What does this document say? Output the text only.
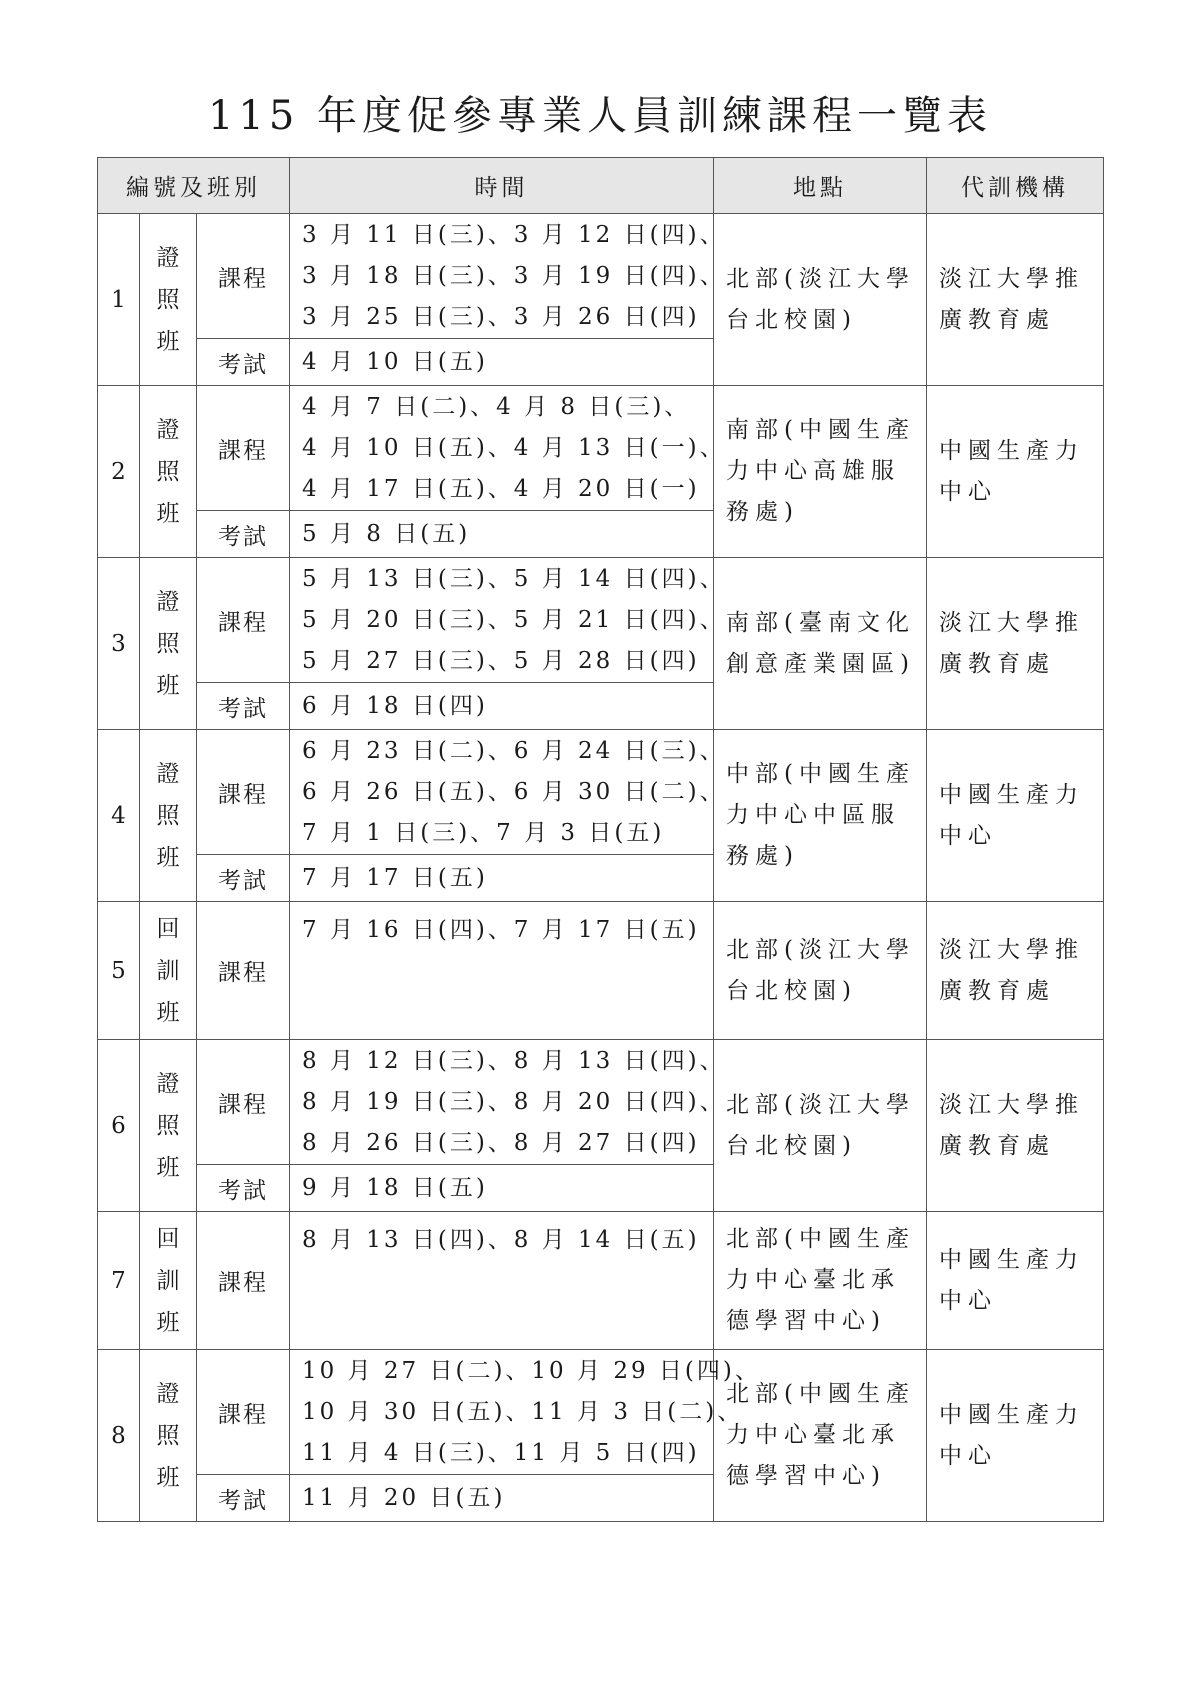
115 年度促參專業人員訓練課程一覽表
編號及班別			時間	地點	代訓機構
1	證
照
班	課程	3 月 11 日(三)、3 月 12 日(四)、
3 月 18 日(三)、3 月 19 日(四)、
3 月 25 日(三)、3 月 26 日(四)	北部(淡江大學
台北校園)	淡江大學推
廣教育處

		考試	4 月 10 日(五)		
2	證
照
班	課程	4 月 7 日(二)、4 月 8 日(三)、
4 月 10 日(五)、4 月 13 日(一)、
4 月 17 日(五)、4 月 20 日(一)	南部(中國生產
力中心高雄服
務處)	中國生產力
中心

		考試	5 月 8 日(五)		
3	證
照
班	課程	5 月 13 日(三)、5 月 14 日(四)、
5 月 20 日(三)、5 月 21 日(四)、
5 月 27 日(三)、5 月 28 日(四)	南部(臺南文化
創意產業園區)	淡江大學推
廣教育處

		考試	6 月 18 日(四)		
4	證
照
班	課程	6 月 23 日(二)、6 月 24 日(三)、
6 月 26 日(五)、6 月 30 日(二)、
7 月 1 日(三)、7 月 3 日(五)	中部(中國生產
力中心中區服
務處)	中國生產力
中心

		考試	7 月 17 日(五)		
5	回
訓
班	課程	7 月 16 日(四)、7 月 17 日(五)	北部(淡江大學
台北校園)	淡江大學推
廣教育處

6	證
照
班	課程	8 月 12 日(三)、8 月 13 日(四)、
8 月 19 日(三)、8 月 20 日(四)、
8 月 26 日(三)、8 月 27 日(四)	北部(淡江大學
台北校園)	淡江大學推
廣教育處

		考試	9 月 18 日(五)		
7	回
訓
班	課程	8 月 13 日(四)、8 月 14 日(五)	北部(中國生產
力中心臺北承
德學習中心)	中國生產力
中心

8	證
照
班	課程	10 月 27 日(二)、10 月 29 日(四)、
10 月 30 日(五)、11 月 3 日(二)、
11 月 4 日(三)、11 月 5 日(四)	北部(中國生產
力中心臺北承
德學習中心)	中國生產力
中心

		考試	11 月 20 日(五)		
